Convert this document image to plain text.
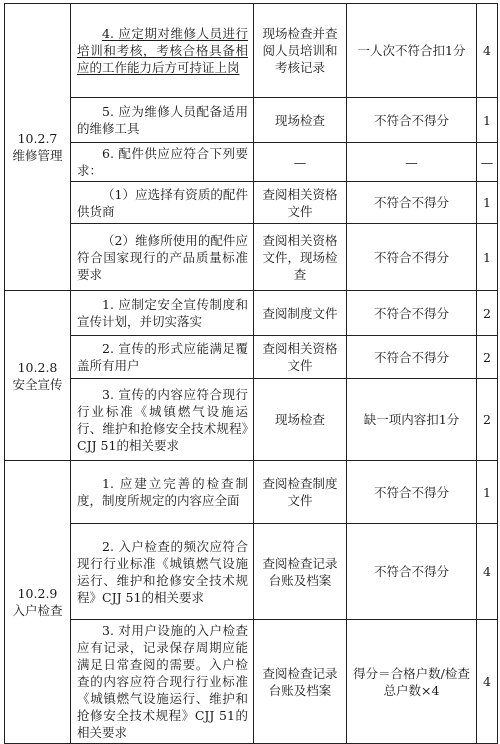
10.2.7
维修管理	4. 应定期对维修人员进行培训和考核，考核合格具备相应的工作能力后方可持证上岗	现场检查并查阅人员培训和考核记录	一人次不符合扣1分	4

	5. 应为维修人员配备适用的维修工具	现场检查	不符合不得分	1

	6. 配件供应应符合下列要求：	—	—	—

	（1）应选择有资质的配件供货商	查阅相关资格文件	不符合不得分	1

	（2）维修所使用的配件应符合国家现行的产品质量标准要求	查阅相关资格文件，现场检查	不符合不得分	1

10.2.8
安全宣传	1. 应制定安全宣传制度和宣传计划，并切实落实	查阅制度文件	不符合不得分	2

	2. 宣传的形式应能满足覆盖所有用户	查阅相关资格文件	不符合不得分	2

	3. 宣传的内容应符合现行行业标准《城镇燃气设施运行、维护和抢修安全技术规程》CJJ 51的相关要求	现场检查	缺一项内容扣1分	2

10.2.9
入户检查	1. 应建立完善的检查制度，制度所规定的内容应全面	查阅检查制度文件	不符合不得分	1

	2. 入户检查的频次应符合现行行业标准《城镇燃气设施运行、维护和抢修安全技术规程》CJJ 51的相关要求	查阅检查记录台账及档案	不符合不得分	4

	3. 对用户设施的入户检查应有记录，记录保存周期应能满足日常查阅的需要。入户检查的内容应符合现行行业标准《城镇燃气设施运行、维护和抢修安全技术规程》CJJ 51的相关要求	查阅检查记录台账及档案	得分＝合格户数/检查总户数×4	4
